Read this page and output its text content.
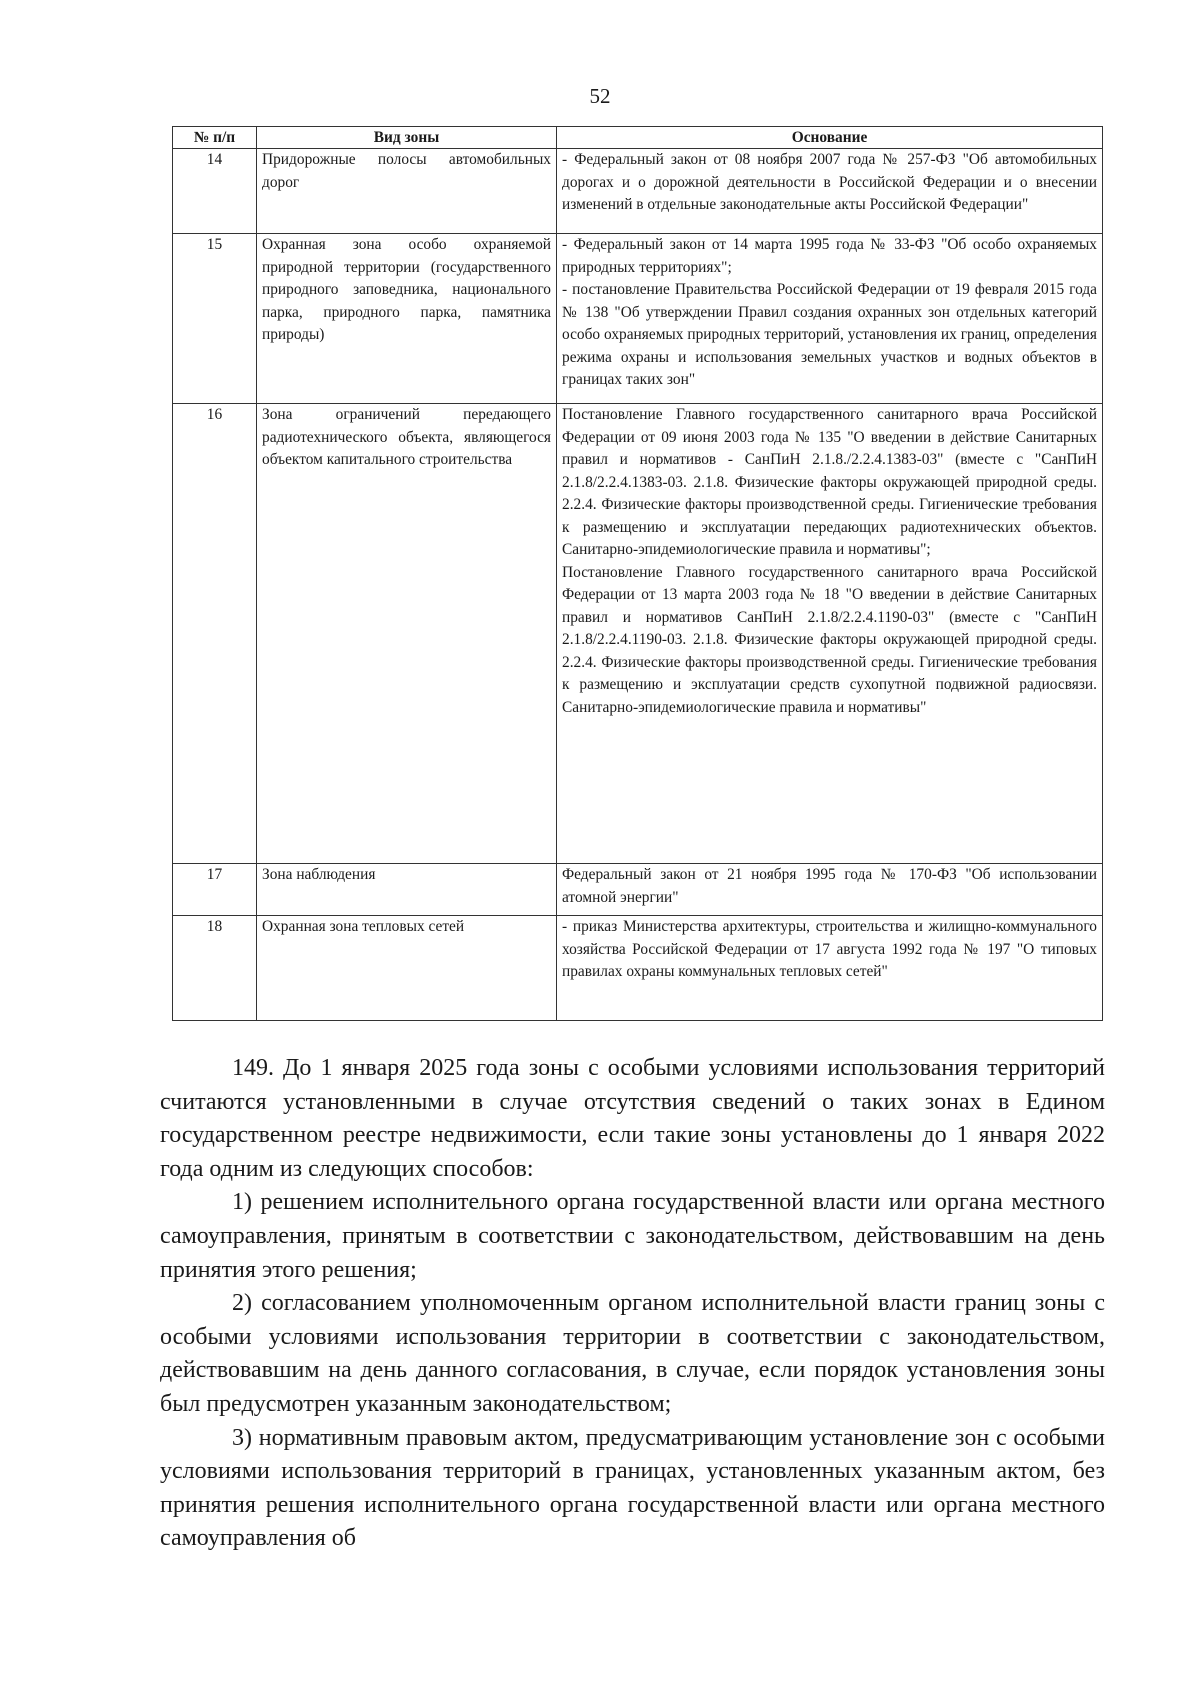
52
№ п/п	Вид зоны	Основание
14	Придорожные полосы автомобильных дорог	- Федеральный закон от 08 ноября 2007 года № 257-ФЗ "Об автомобильных дорогах и о дорожной деятельности в Российской Федерации и о внесении изменений в отдельные законодательные акты Российской Федерации"

15	Охранная зона особо охраняемой природной территории (государственного природного заповедника, национального парка, природного парка, памятника природы)	- Федеральный закон от 14 марта 1995 года № 33-ФЗ "Об особо охраняемых природных территориях";

- постановление Правительства Российской Федерации от 19 февраля 2015 года № 138 "Об утверждении Правил создания охранных зон отдельных категорий особо охраняемых природных территорий, установления их границ, определения режима охраны и использования земельных участков и водных объектов в границах таких зон"

16	Зона ограничений передающего радиотехнического объекта, являющегося объектом капитального строительства	Постановление Главного государственного санитарного врача Российской Федерации от 09 июня 2003 года № 135 "О введении в действие Санитарных правил и нормативов - СанПиН 2.1.8./2.2.4.1383-03" (вместе с "СанПиН 2.1.8/2.2.4.1383-03. 2.1.8. Физические факторы окружающей природной среды. 2.2.4. Физические факторы производственной среды. Гигиенические требования к размещению и эксплуатации передающих радиотехнических объектов. Санитарно-эпидемиологические правила и нормативы";

Постановление Главного государственного санитарного врача Российской Федерации от 13 марта 2003 года № 18 "О введении в действие Санитарных правил и нормативов СанПиН 2.1.8/2.2.4.1190-03" (вместе с "СанПиН 2.1.8/2.2.4.1190-03. 2.1.8. Физические факторы окружающей природной среды. 2.2.4. Физические факторы производственной среды. Гигиенические требования к размещению и эксплуатации средств сухопутной подвижной радиосвязи. Санитарно-эпидемиологические правила и нормативы"

17	Зона наблюдения	Федеральный закон от 21 ноября 1995 года № 170-ФЗ "Об использовании атомной энергии"

18	Охранная зона тепловых сетей	- приказ Министерства архитектуры, строительства и жилищно-коммунального хозяйства Российской Федерации от 17 августа 1992 года № 197 "О типовых правилах охраны коммунальных тепловых сетей"

149. До 1 января 2025 года зоны с особыми условиями использования территорий считаются установленными в случае отсутствия сведений о таких зонах в Едином государственном реестре недвижимости, если такие зоны установлены до 1 января 2022 года одним из следующих способов:

1) решением исполнительного органа государственной власти или органа местного самоуправления, принятым в соответствии с законодательством, действовавшим на день принятия этого решения;

2) согласованием уполномоченным органом исполнительной власти границ зоны с особыми условиями использования территории в соответствии с законодательством, действовавшим на день данного согласования, в случае, если порядок установления зоны был предусмотрен указанным законодательством;

3) нормативным правовым актом, предусматривающим установление зон с особыми условиями использования территорий в границах, установленных указанным актом, без принятия решения исполнительного органа государственной власти или органа местного самоуправления об
